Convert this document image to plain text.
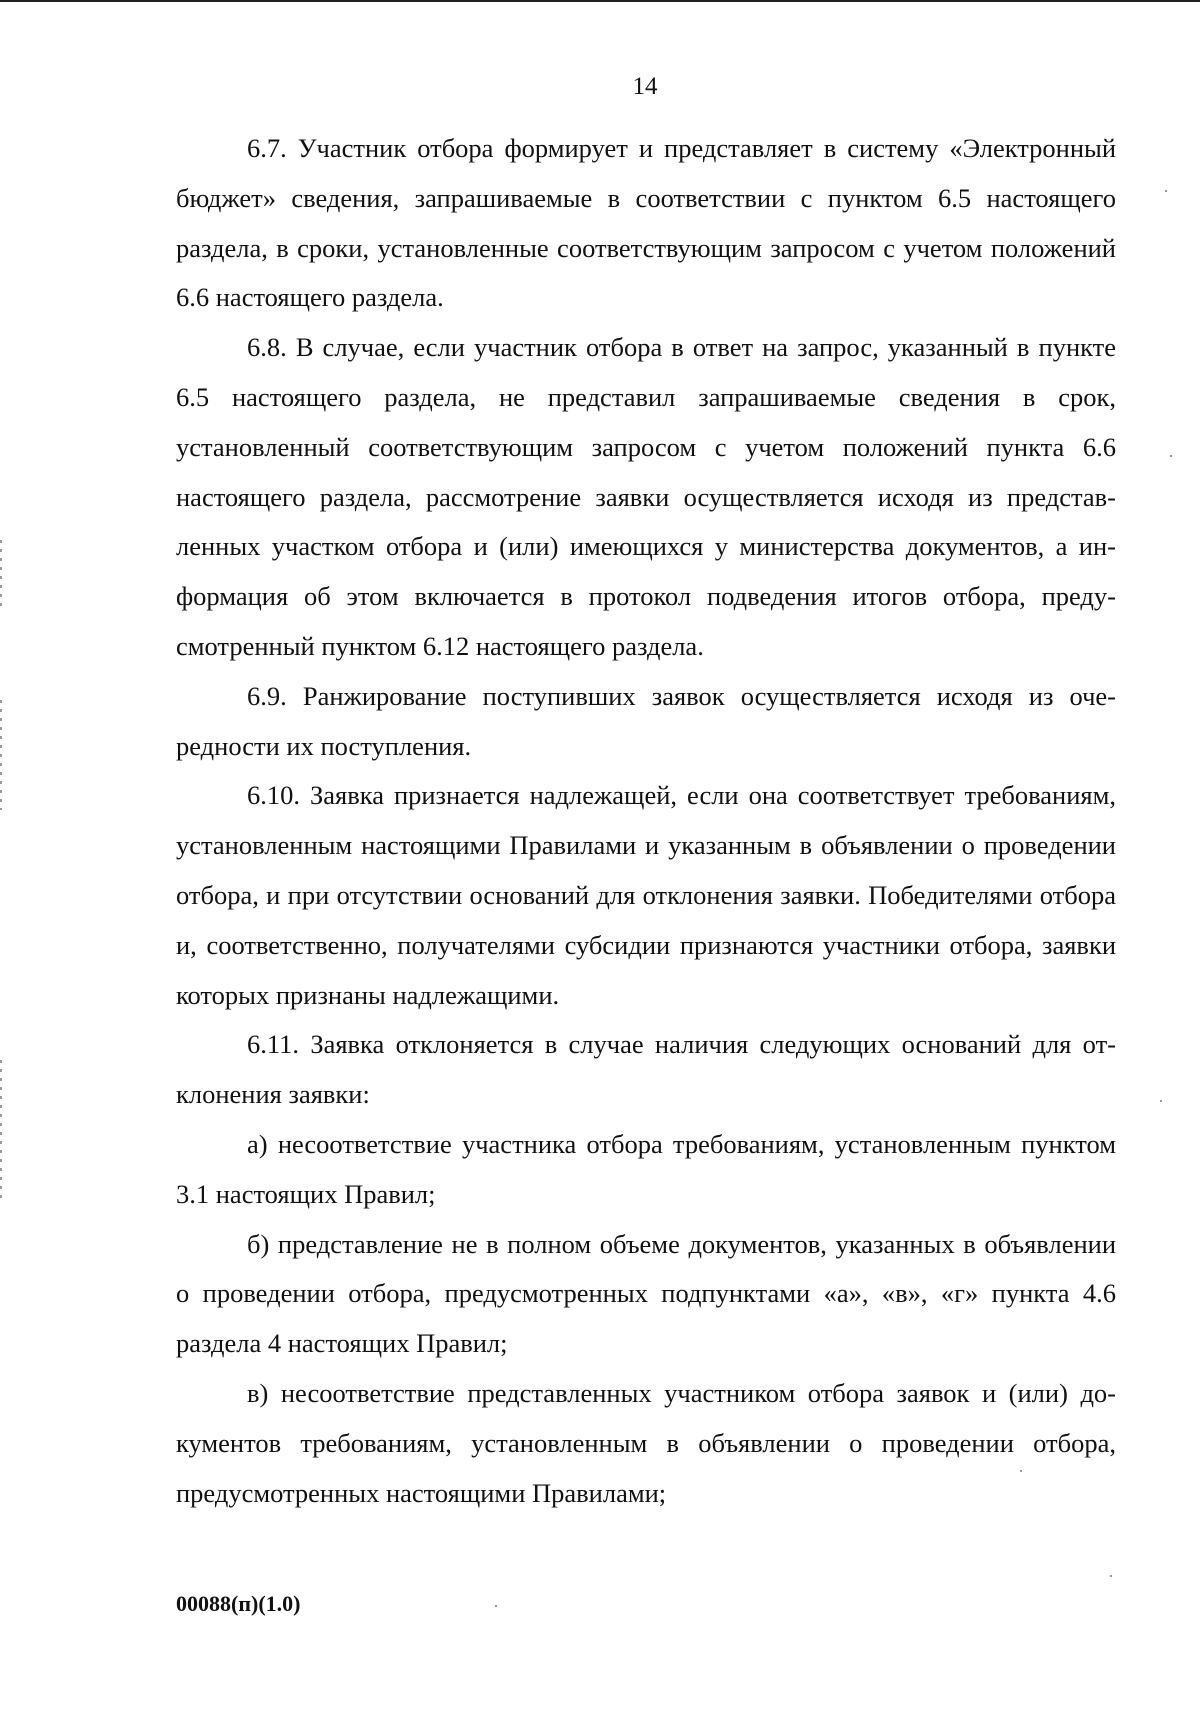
14

6.7. Участник отбора формирует и представляет в систему «Электронный бюджет» сведения, запрашиваемые в соответствии с пунктом 6.5 настоящего раздела, в сроки, установленные соответствующим запросом с учетом положений 6.6 настоящего раздела.

6.8. В случае, если участник отбора в ответ на запрос, указанный в пункте 6.5 настоящего раздела, не представил запрашиваемые сведения в срок, установленный соответствующим запросом с учетом положений пункта 6.6 настоящего раздела, рассмотрение заявки осуществляется исходя из представленных участком отбора и (или) имеющихся у министерства документов, а информация об этом включается в протокол подведения итогов отбора, предусмотренный пунктом 6.12 настоящего раздела.

6.9. Ранжирование поступивших заявок осуществляется исходя из очередности их поступления.

6.10. Заявка признается надлежащей, если она соответствует требованиям, установленным настоящими Правилами и указанным в объявлении о проведении отбора, и при отсутствии оснований для отклонения заявки. Победителями отбора и, соответственно, получателями субсидии признаются участники отбора, заявки которых признаны надлежащими.

6.11. Заявка отклоняется в случае наличия следующих оснований для отклонения заявки:

а) несоответствие участника отбора требованиям, установленным пунктом 3.1 настоящих Правил;

б) представление не в полном объеме документов, указанных в объявлении о проведении отбора, предусмотренных подпунктами «а», «в», «г» пункта 4.6 раздела 4 настоящих Правил;

в) несоответствие представленных участником отбора заявок и (или) документов требованиям, установленным в объявлении о проведении отбора, предусмотренных настоящими Правилами;

00088(п)(1.0)
